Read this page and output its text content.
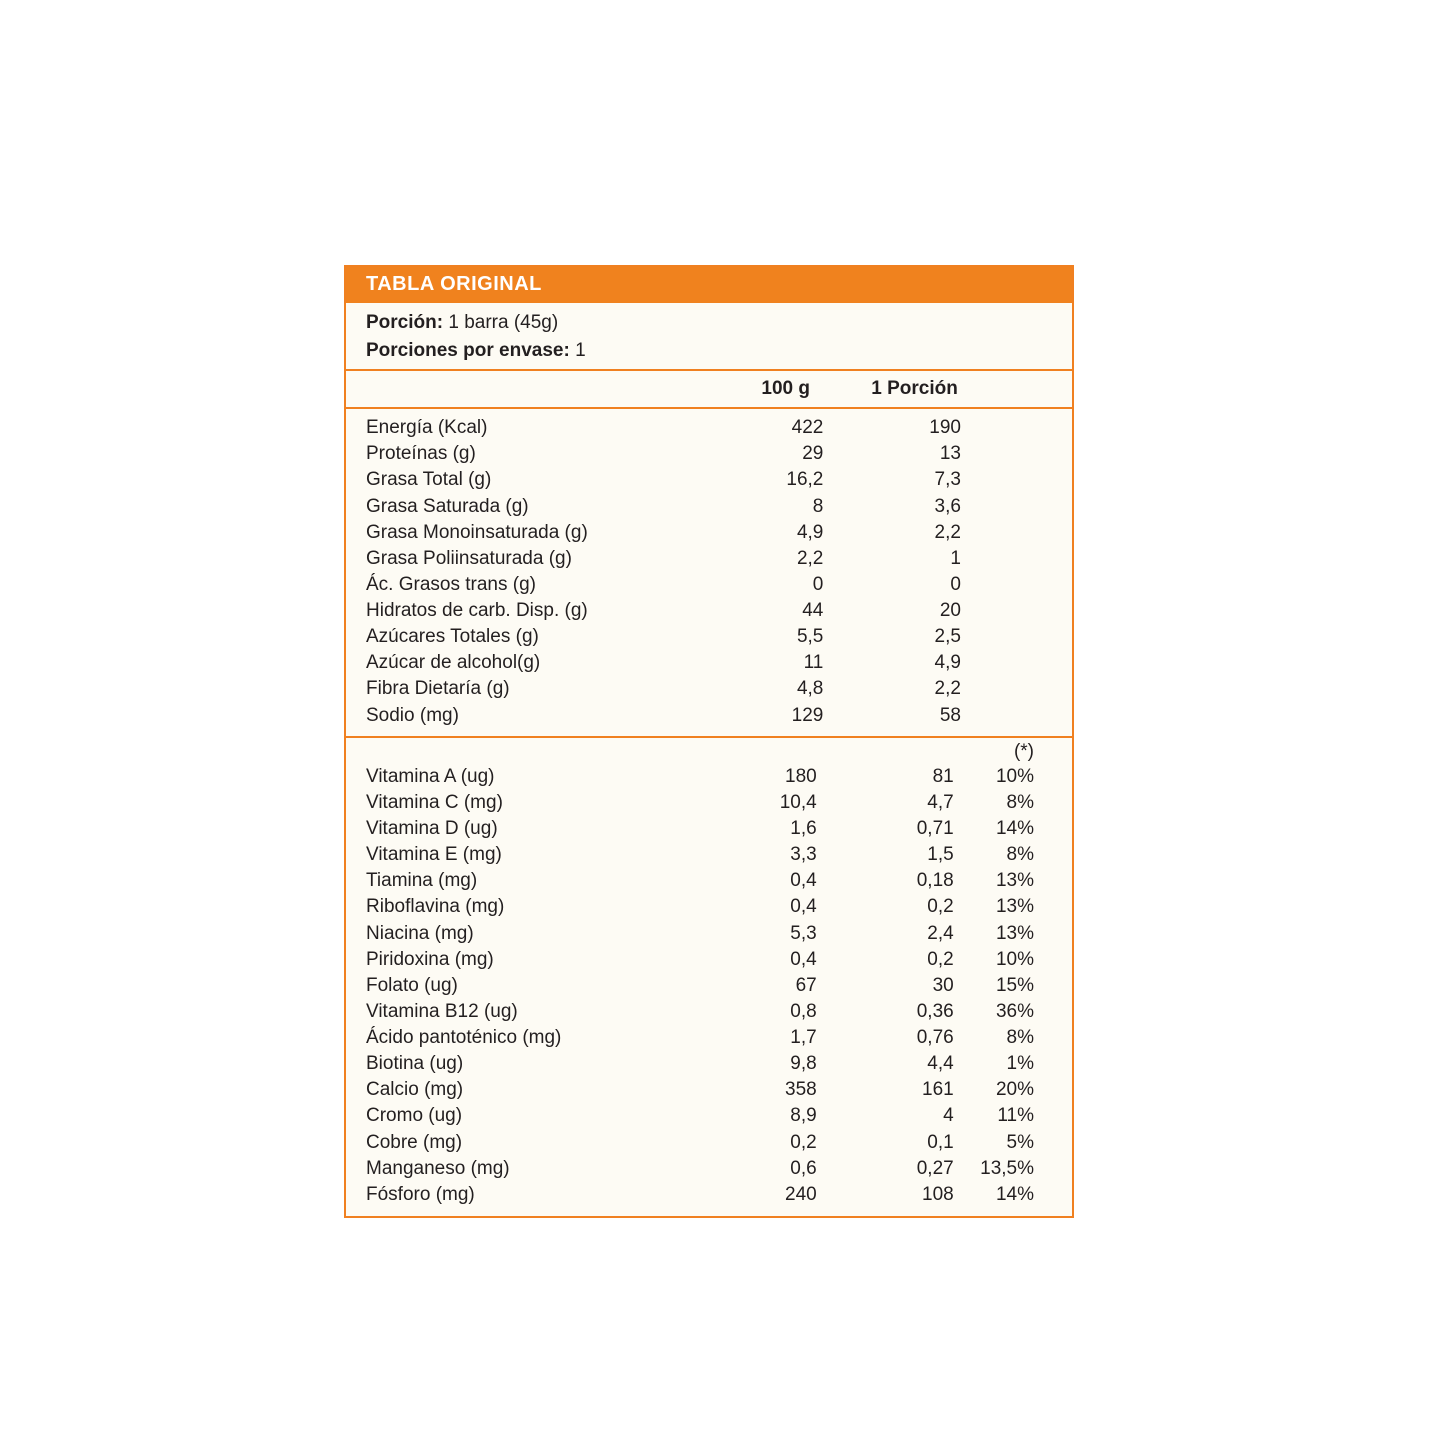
TABLA ORIGINAL
Porción: 1 barra (45g)
Porciones por envase: 1
	100 g	1 Porción	
Energía (Kcal)	422	190	
Proteínas (g)	29	13	
Grasa Total (g)	16,2	7,3	
Grasa Saturada (g)	8	3,6	
Grasa Monoinsaturada (g)	4,9	2,2	
Grasa Poliinsaturada (g)	2,2	1	
Ác. Grasos trans (g)	0	0	
Hidratos de carb. Disp. (g)	44	20	
Azúcares Totales (g)	5,5	2,5	
Azúcar de alcohol(g)	11	4,9	
Fibra Dietaría (g)	4,8	2,2	
Sodio (mg)	129	58	
			(*)
Vitamina A (ug)	180	81	10%
Vitamina C (mg)	10,4	4,7	8%
Vitamina D (ug)	1,6	0,71	14%
Vitamina E (mg)	3,3	1,5	8%
Tiamina (mg)	0,4	0,18	13%
Riboflavina (mg)	0,4	0,2	13%
Niacina (mg)	5,3	2,4	13%
Piridoxina (mg)	0,4	0,2	10%
Folato (ug)	67	30	15%
Vitamina B12 (ug)	0,8	0,36	36%
Ácido pantoténico (mg)	1,7	0,76	8%
Biotina (ug)	9,8	4,4	1%
Calcio (mg)	358	161	20%
Cromo (ug)	8,9	4	11%
Cobre (mg)	0,2	0,1	5%
Manganeso (mg)	0,6	0,27	13,5%
Fósforo (mg)	240	108	14%
